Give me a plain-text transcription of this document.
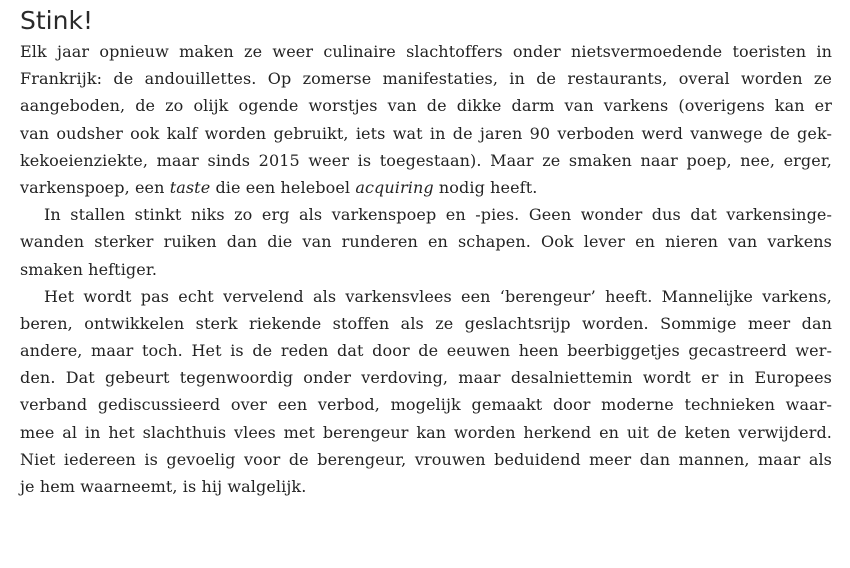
Stink!
Elk jaar opnieuw maken ze weer culinaire slachtoffers onder nietsvermoedende toeristen in
Frankrijk: de andouillettes. Op zomerse manifestaties, in de restaurants, overal worden ze
aangeboden, de zo olijk ogende worstjes van de dikke darm van varkens (overigens kan er
van oudsher ook kalf worden gebruikt, iets wat in de jaren 90 verboden werd vanwege de gek-
kekoeienziekte, maar sinds 2015 weer is toegestaan). Maar ze smaken naar poep, nee, erger,
varkenspoep, een taste die een heleboel acquiring nodig heeft.
In stallen stinkt niks zo erg als varkenspoep en -pies. Geen wonder dus dat varkensinge-
wanden sterker ruiken dan die van runderen en schapen. Ook lever en nieren van varkens
smaken heftiger.
Het wordt pas echt vervelend als varkensvlees een ‘berengeur’ heeft. Mannelijke varkens,
beren, ontwikkelen sterk riekende stoffen als ze geslachtsrijp worden. Sommige meer dan
andere, maar toch. Het is de reden dat door de eeuwen heen beerbiggetjes gecastreerd wer-
den. Dat gebeurt tegenwoordig onder verdoving, maar desalniettemin wordt er in Europees
verband gediscussieerd over een verbod, mogelijk gemaakt door moderne technieken waar-
mee al in het slachthuis vlees met berengeur kan worden herkend en uit de keten verwijderd.
Niet iedereen is gevoelig voor de berengeur, vrouwen beduidend meer dan mannen, maar als
je hem waarneemt, is hij walgelijk.
